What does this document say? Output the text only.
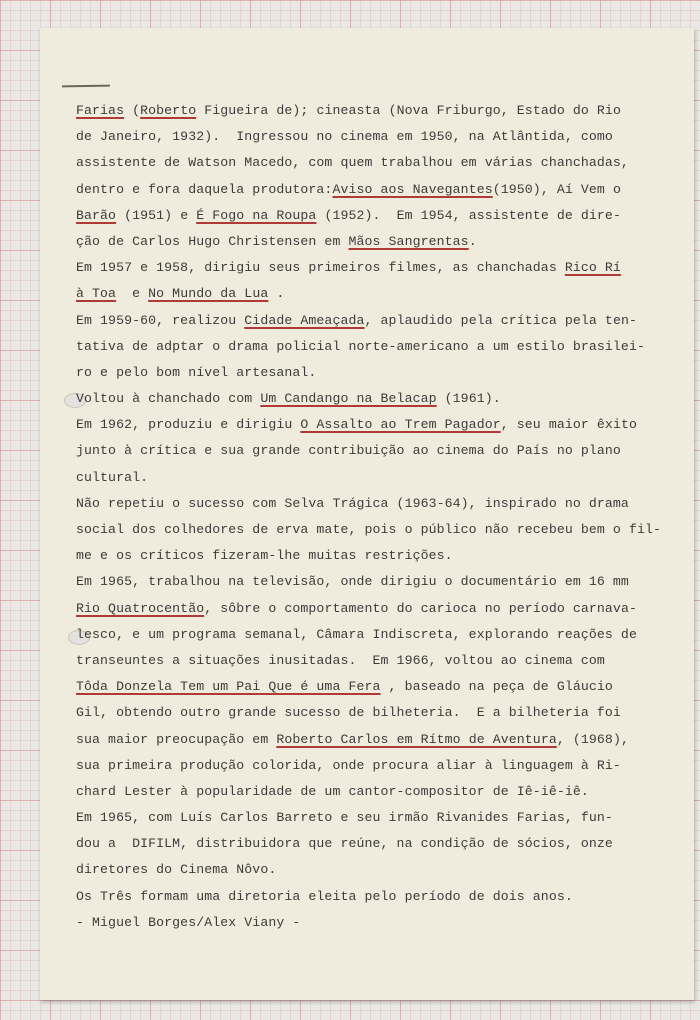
Farias (Roberto Figueira de); cineasta (Nova Friburgo, Estado do Rio
de Janeiro, 1932).  Ingressou no cinema em 1950, na Atlântida, como
assistente de Watson Macedo, com quem trabalhou em várias chanchadas,
dentro e fora daquela produtora:Aviso aos Navegantes(1950), Aí Vem o
Barão (1951) e É Fogo na Roupa (1952).  Em 1954, assistente de dire-
ção de Carlos Hugo Christensen em Mãos Sangrentas.
Em 1957 e 1958, dirigiu seus primeiros filmes, as chanchadas Rico Rí
à Toa  e No Mundo da Lua .
Em 1959-60, realizou Cidade Ameaçada, aplaudido pela crítica pela ten-
tativa de adptar o drama policial norte-americano a um estilo brasilei-
ro e pelo bom nível artesanal.
Voltou à chanchado com Um Candango na Belacap (1961).
Em 1962, produziu e dirigiu O Assalto ao Trem Pagador, seu maior êxito
junto à crítica e sua grande contribuição ao cinema do País no plano
cultural.
Não repetiu o sucesso com Selva Trágica (1963-64), inspirado no drama
social dos colhedores de erva mate, pois o público não recebeu bem o fil-
me e os críticos fizeram-lhe muitas restrições.
Em 1965, trabalhou na televisão, onde dirigiu o documentário em 16 mm
Rio Quatrocentão, sôbre o comportamento do carioca no período carnava-
lesco, e um programa semanal, Câmara Indiscreta, explorando reações de
transeuntes a situações inusitadas.  Em 1966, voltou ao cinema com
Tôda Donzela Tem um Pai Que é uma Fera , baseado na peça de Gláucio
Gil, obtendo outro grande sucesso de bilheteria.  E a bilheteria foi
sua maior preocupação em Roberto Carlos em Rítmo de Aventura, (1968),
sua primeira produção colorida, onde procura aliar à linguagem à Ri-
chard Lester à popularidade de um cantor-compositor de Iê-iê-iê.
Em 1965, com Luís Carlos Barreto e seu irmão Rivanides Farias, fun-
dou a  DIFILM, distribuidora que reúne, na condição de sócios, onze
diretores do Cinema Nôvo.
Os Três formam uma diretoria eleita pelo período de dois anos.
- Miguel Borges/Alex Viany -
